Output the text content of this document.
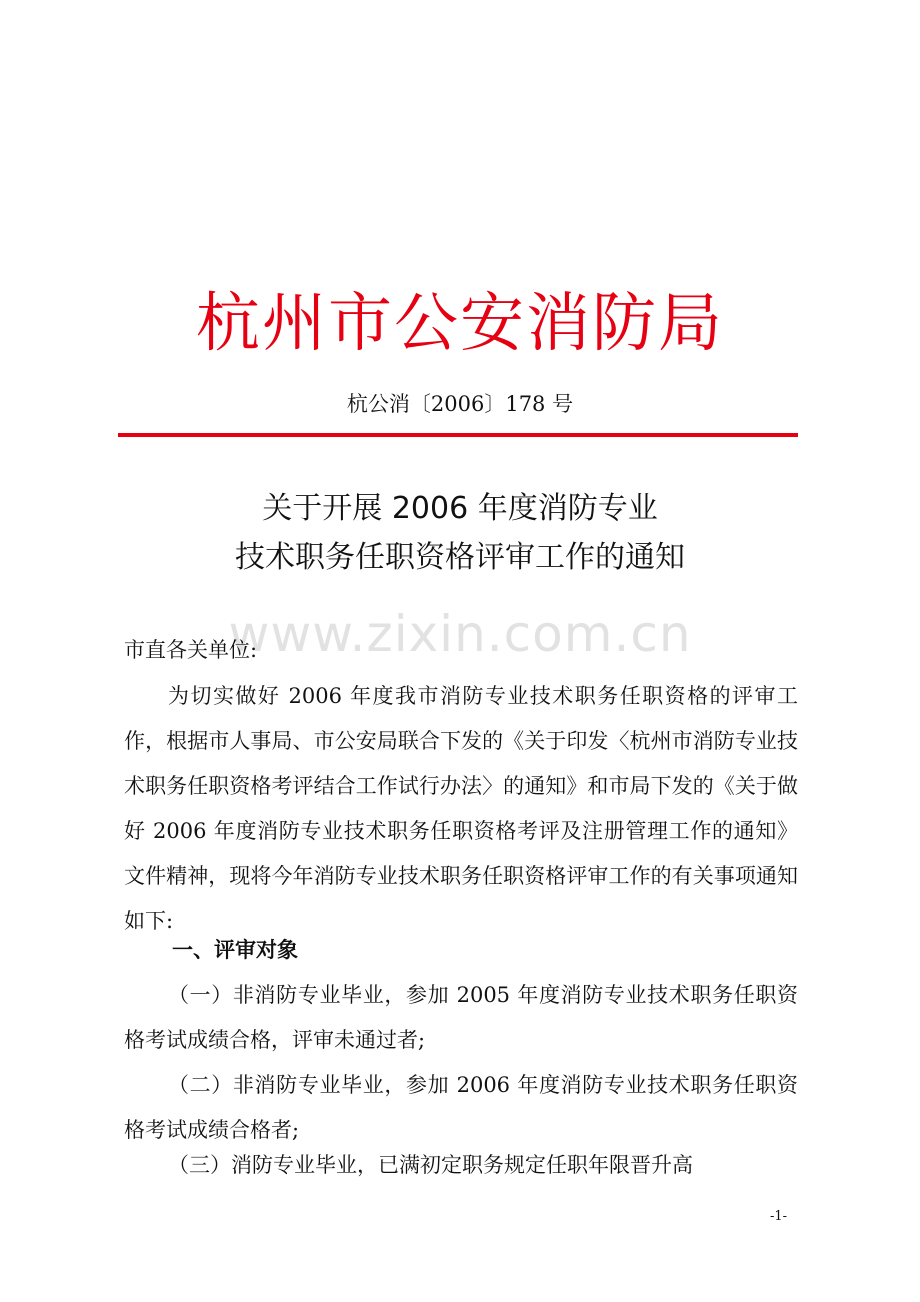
杭州市公安消防局
杭公消〔2006〕178 号
关于开展 2006 年度消防专业
技术职务任职资格评审工作的通知
www.zixin.com.cn
市直各关单位:
为切实做好 2006 年度我市消防专业技术职务任职资格的评审工作，根据市人事局、市公安局联合下发的《关于印发〈杭州市消防专业技术职务任职资格考评结合工作试行办法〉的通知》和市局下发的《关于做好 2006 年度消防专业技术职务任职资格考评及注册管理工作的通知》文件精神，现将今年消防专业技术职务任职资格评审工作的有关事项通知如下:
一、评审对象
（一）非消防专业毕业，参加 2005 年度消防专业技术职务任职资格考试成绩合格，评审未通过者;
（二）非消防专业毕业，参加 2006 年度消防专业技术职务任职资格考试成绩合格者;
（三）消防专业毕业，已满初定职务规定任职年限晋升高
-1-
